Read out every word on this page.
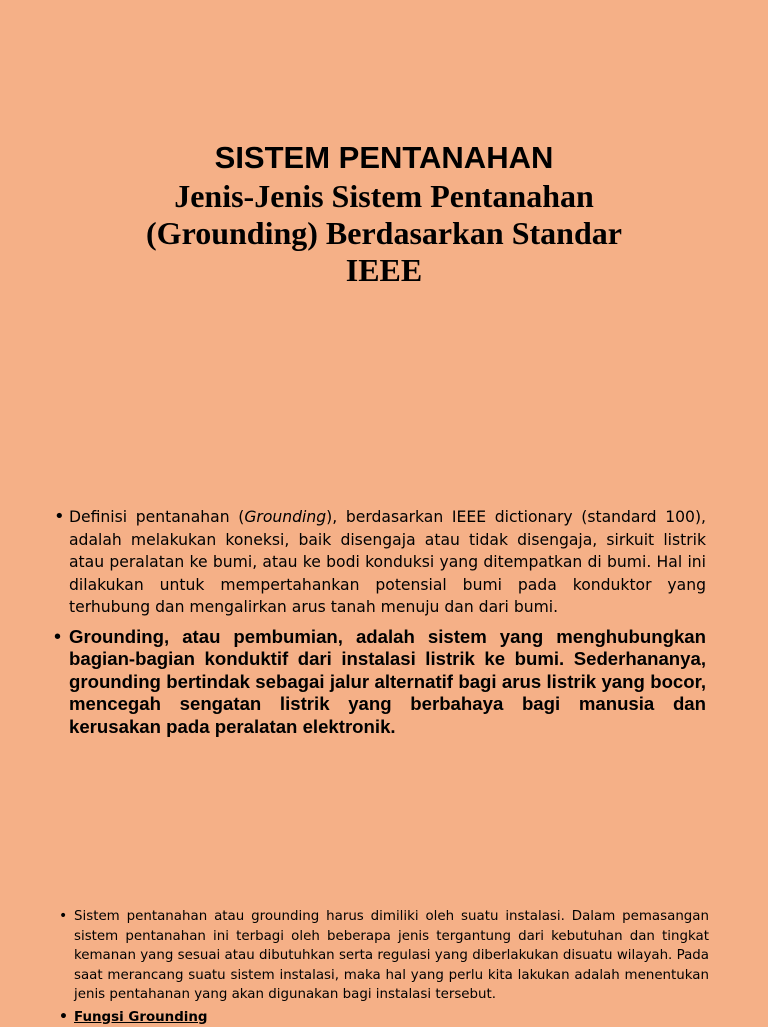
SISTEM PENTANAHAN
Jenis-Jenis Sistem Pentanahan
(Grounding) Berdasarkan Standar
IEEE
• Definisi pentanahan (Grounding), berdasarkan IEEE dictionary (standard 100), adalah melakukan koneksi, baik disengaja atau tidak disengaja, sirkuit listrik atau peralatan ke bumi, atau ke bodi konduksi yang ditempatkan di bumi. Hal ini dilakukan untuk mempertahankan potensial bumi pada konduktor yang terhubung dan mengalirkan arus tanah menuju dan dari bumi.
• Grounding, atau pembumian, adalah sistem yang menghubungkan bagian-bagian konduktif dari instalasi listrik ke bumi. Sederhananya, grounding bertindak sebagai jalur alternatif bagi arus listrik yang bocor, mencegah sengatan listrik yang berbahaya bagi manusia dan kerusakan pada peralatan elektronik.
• Sistem pentanahan atau grounding harus dimiliki oleh suatu instalasi. Dalam pemasangan sistem pentanahan ini terbagi oleh beberapa jenis tergantung dari kebutuhan dan tingkat kemanan yang sesuai atau dibutuhkan serta regulasi yang diberlakukan disuatu wilayah. Pada saat merancang suatu sistem instalasi, maka hal yang perlu kita lakukan adalah menentukan jenis pentahanan yang akan digunakan bagi instalasi tersebut.
• Fungsi Grounding
